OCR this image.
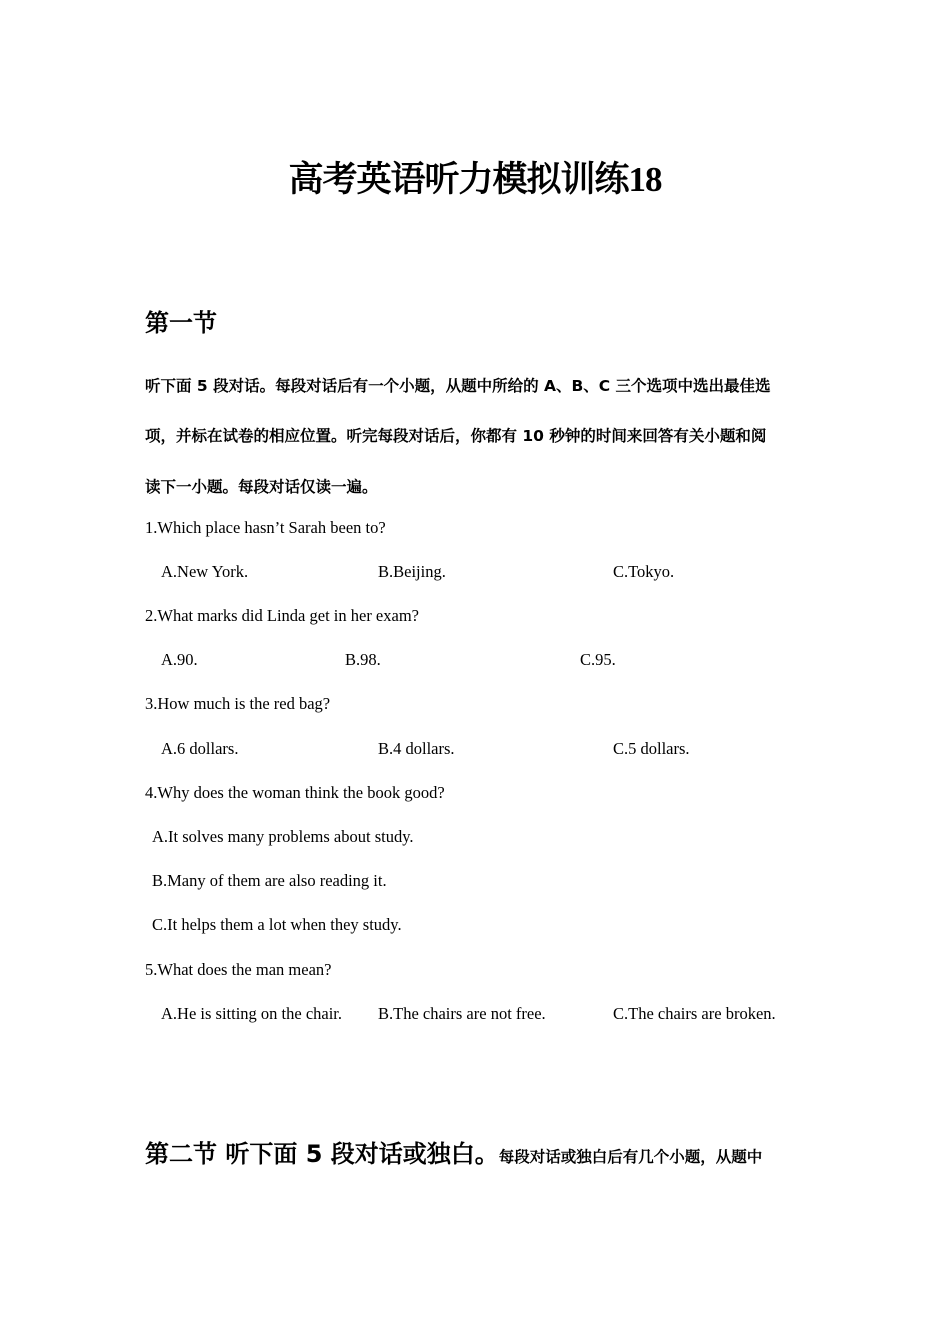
高考英语听力模拟训练18
第一节
听下面 5 段对话。每段对话后有一个小题，从题中所给的 A、B、C 三个选项中选出最佳选
项，并标在试卷的相应位置。听完每段对话后，你都有 10 秒钟的时间来回答有关小题和阅
读下一小题。每段对话仅读一遍。
1.Which place hasn’t Sarah been to?
A.New York.	B.Beijing.	C.Tokyo.
2.What marks did Linda get in her exam?
A.90.	B.98.	C.95.
3.How much is the red bag?
A.6 dollars.	B.4 dollars.	C.5 dollars.
4.Why does the woman think the book good?
A.It solves many problems about study.
B.Many of them are also reading it.
C.It helps them a lot when they study.
5.What does the man mean?
A.He is sitting on the chair. B.The chairs are not free.	C.The chairs are broken.
第二节 听下面 5 段对话或独白。每段对话或独白后有几个小题，从题中
